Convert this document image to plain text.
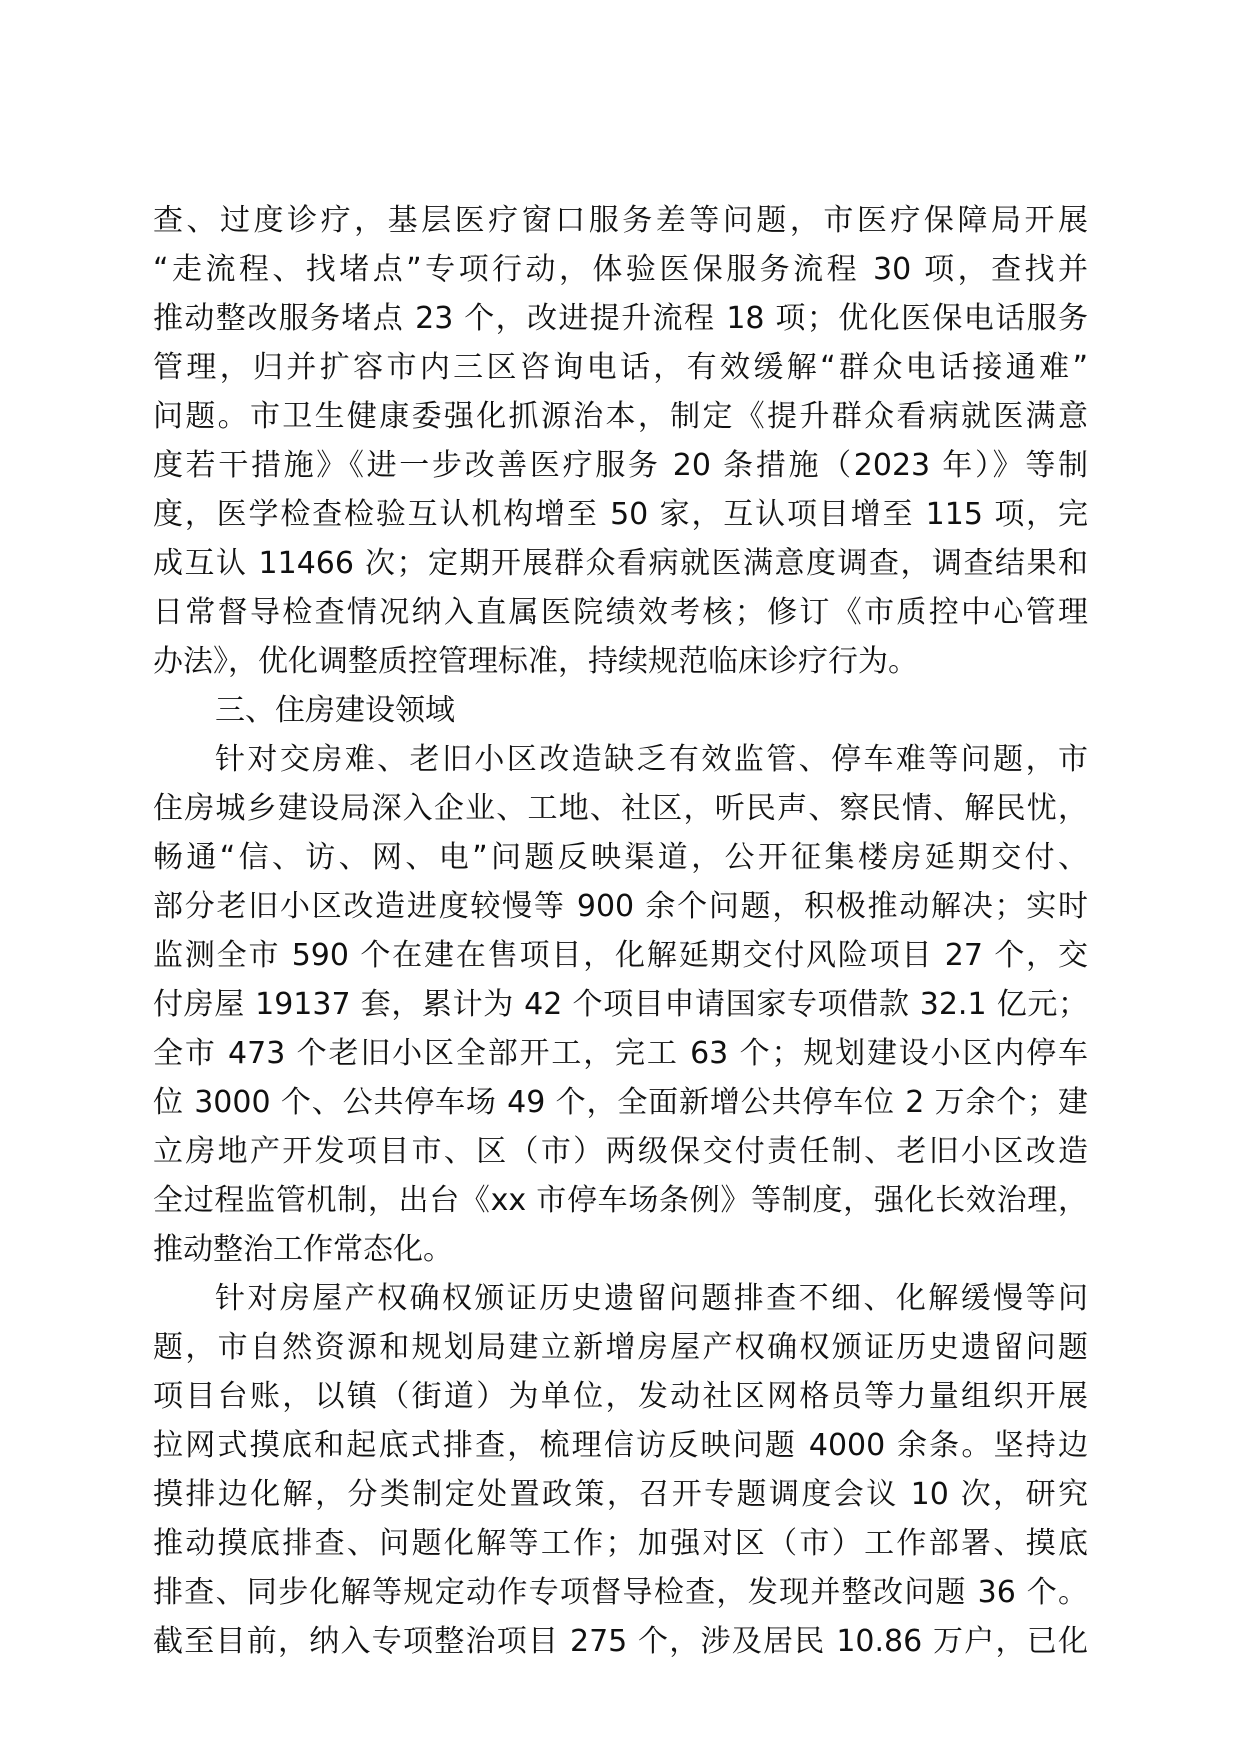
查、过度诊疗，基层医疗窗口服务差等问题，市医疗保障局开展
“走流程、找堵点”专项行动，体验医保服务流程 30 项，查找并
推动整改服务堵点 23 个，改进提升流程 18 项；优化医保电话服务
管理，归并扩容市内三区咨询电话，有效缓解“群众电话接通难”
问题。市卫生健康委强化抓源治本，制定《提升群众看病就医满意
度若干措施》《进一步改善医疗服务 20 条措施（2023 年）》等制
度，医学检查检验互认机构增至 50 家，互认项目增至 115 项，完
成互认 11466 次；定期开展群众看病就医满意度调查，调查结果和
日常督导检查情况纳入直属医院绩效考核；修订《市质控中心管理
办法》，优化调整质控管理标准，持续规范临床诊疗行为。
三、住房建设领域
针对交房难、老旧小区改造缺乏有效监管、停车难等问题，市
住房城乡建设局深入企业、工地、社区，听民声、察民情、解民忧，
畅通“信、访、网、电”问题反映渠道，公开征集楼房延期交付、
部分老旧小区改造进度较慢等 900 余个问题，积极推动解决；实时
监测全市 590 个在建在售项目，化解延期交付风险项目 27 个，交
付房屋 19137 套，累计为 42 个项目申请国家专项借款 32.1 亿元；
全市 473 个老旧小区全部开工，完工 63 个；规划建设小区内停车
位 3000 个、公共停车场 49 个，全面新增公共停车位 2 万余个；建
立房地产开发项目市、区（市）两级保交付责任制、老旧小区改造
全过程监管机制，出台《xx 市停车场条例》等制度，强化长效治理，
推动整治工作常态化。
针对房屋产权确权颁证历史遗留问题排查不细、化解缓慢等问
题，市自然资源和规划局建立新增房屋产权确权颁证历史遗留问题
项目台账，以镇（街道）为单位，发动社区网格员等力量组织开展
拉网式摸底和起底式排查，梳理信访反映问题 4000 余条。坚持边
摸排边化解，分类制定处置政策，召开专题调度会议 10 次，研究
推动摸底排查、问题化解等工作；加强对区（市）工作部署、摸底
排查、同步化解等规定动作专项督导检查，发现并整改问题 36 个。
截至目前，纳入专项整治项目 275 个，涉及居民 10.86 万户，已化
